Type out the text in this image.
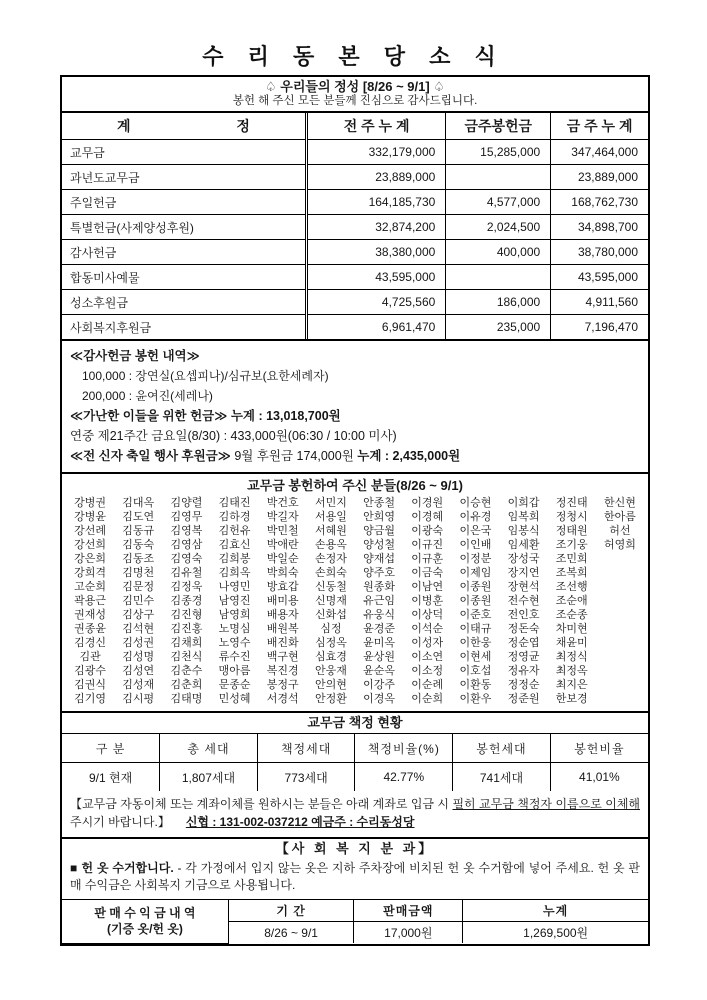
수 리 동 본 당 소 식
♤ 우리들의 정성 [8/26 ~ 9/1] ♤
봉헌 해 주신 모든 분들께 진심으로 감사드립니다.
계 정	전 주 누 계	금주봉헌금	금 주 누 계
교무금	332,179,000	15,285,000	347,464,000
과년도교무금	23,889,000		23,889,000
주일헌금	164,185,730	4,577,000	168,762,730
특별헌금(사제양성후원)	32,874,200	2,024,500	34,898,700
감사헌금	38,380,000	400,000	38,780,000
합동미사예물	43,595,000		43,595,000
성소후원금	4,725,560	186,000	4,911,560
사회복지후원금	6,961,470	235,000	7,196,470
≪감사헌금 봉헌 내역≫
100,000 : 장연실(요셉피나)/심규보(요한세례자)
200,000 : 윤여진(세레나)
≪가난한 이들을 위한 헌금≫ 누계 : 13,018,700원
연중 제21주간 금요일(8/30) : 433,000원(06:30 / 10:00 미사)
≪전 신자 축일 행사 후원금≫ 9월 후원금 174,000원 누계 : 2,435,000원
교무금 봉헌하여 주신 분들(8/26 ~ 9/1)
강병권	김대옥	김양렬	김태진	박건호	서민지	안종철	이경원	이승현	이희갑	정진태	한신현
강병윤	김도연	김영무	김하경	박길자	서용일	안희영	이경혜	이유경	임복희	정청시	한아름
강선례	김동규	김영복	김헌유	박민철	서혜원	양금월	이광숙	이은국	임봉식	정태원	허선
강선희	김동숙	김영삼	김효신	박애란	손용옥	양성철	이규진	이인배	임세환	조기웅	허영희
강은희	김동조	김영숙	김희봉	박일순	손정자	양재섭	이규훈	이정분	장성국	조민희
강희격	김명천	김유철	김희옥	박희숙	손희숙	양주호	이금숙	이제임	장지연	조복희
고순희	김문정	김정욱	나영민	방효갑	신동철	원종화	이남연	이종원	장현석	조선행
곽용근	김민수	김종경	남영진	배미용	신명재	유근임	이병훈	이종원	전수현	조순애
권재성	김상구	김진형	남영희	배용자	신화섭	유웅식	이상덕	이준호	전인호	조순종
권종윤	김석현	김진홍	노명심	배원복	심정	윤경준	이석순	이태규	정돈숙	차미현
김경신	김성권	김채희	노영수	배진화	심정옥	윤미옥	이성자	이한웅	정순엽	채윤미
김관	김성명	김천식	류수진	백구현	심효경	윤상원	이소연	이현세	정영균	최정식
김광수	김성연	김춘수	맹아름	복진경	안웅재	윤순옥	이소정	이호섭	정유자	최정옥
김권식	김성재	김춘희	문종순	봉정구	안의현	이강주	이순례	이환동	정정순	최지은
김기영	김시평	김태명	민성혜	서경석	안정환	이경옥	이순희	이환우	정준원	한보경
교무금 책정 현황
구 분	총 세대	책정세대	책정비율(%)	봉헌세대	봉헌비율
9/1 현재	1,807세대	773세대	42.77%	741세대	41,01%
【교무금 자동이체 또는 계좌이체를 원하시는 분들은 아래 계좌로 입금 시 필히 교무금 책정자 이름으로 이체해 주시기 바랍니다.】 신협 : 131-002-037212 예금주 : 수리동성당
【사 회 복 지 분 과】
■ 헌 옷 수거합니다. - 각 가정에서 입지 않는 옷은 지하 주차장에 비치된 헌 옷 수거함에 넣어 주세요. 헌 옷 판매 수익금은 사회복지 기금으로 사용됩니다.
판 매 수 익 금 내 역
(기증 옷/헌 옷)	기 간	판매금액	누계
	8/26 ~ 9/1	17,000원	1,269,500원
